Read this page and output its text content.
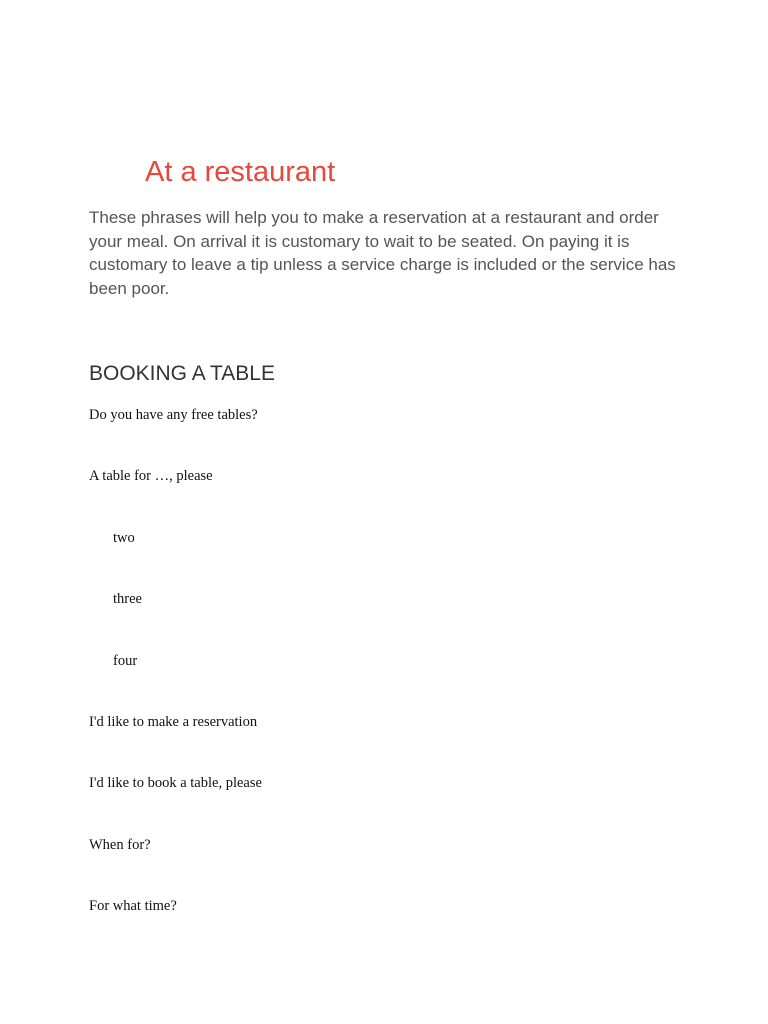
At a restaurant

These phrases will help you to make a reservation at a restaurant and order your meal. On arrival it is customary to wait to be seated. On paying it is customary to leave a tip unless a service charge is included or the service has been poor.

BOOKING A TABLE
Do you have any free tables?
A table for …, please
two
three
four
I'd like to make a reservation
I'd like to book a table, please
When for?
For what time?
